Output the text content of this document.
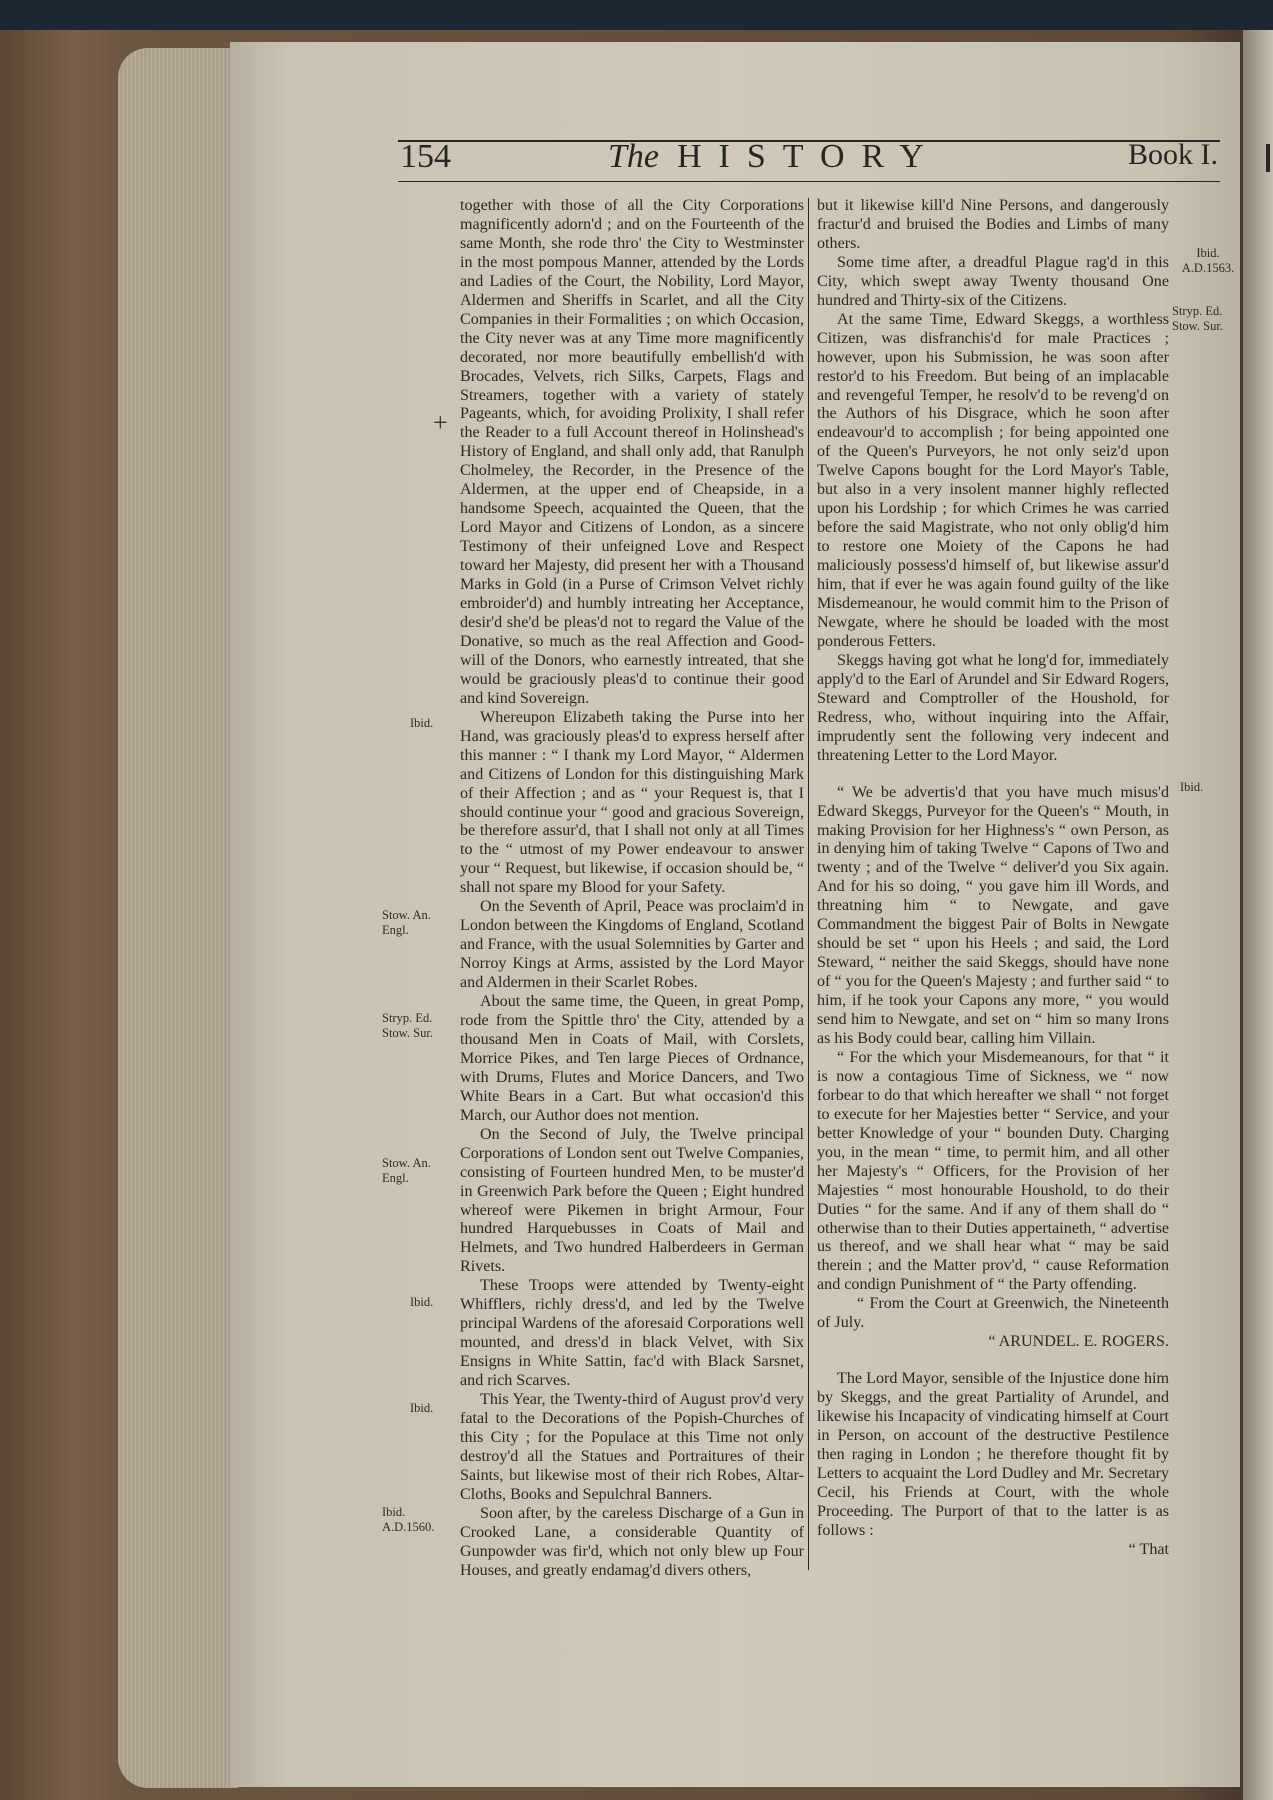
154	The HISTORY	Book I.
+

together with those of all the City Corporations magnificently adorn'd ; and on the Fourteenth of the same Month, she rode thro' the City to Westminster in the most pompous Manner, attended by the Lords and Ladies of the Court, the Nobility, Lord Mayor, Aldermen and Sheriffs in Scarlet, and all the City Companies in their Formalities ; on which Occasion, the City never was at any Time more magnificently decorated, nor more beautifully embellish'd with Brocades, Velvets, rich Silks, Carpets, Flags and Streamers, together with a variety of stately Pageants, which, for avoiding Prolixity, I shall refer the Reader to a full Account thereof in Holinshead's History of England, and shall only add, that Ranulph Cholmeley, the Recorder, in the Presence of the Aldermen, at the upper end of Cheapside, in a handsome Speech, acquainted the Queen, that the Lord Mayor and Citizens of London, as a sincere Testimony of their unfeigned Love and Respect toward her Majesty, did present her with a Thousand Marks in Gold (in a Purse of Crimson Velvet richly embroider'd) and humbly intreating her Acceptance, desir'd she'd be pleas'd not to regard the Value of the Donative, so much as the real Affection and Good-will of the Donors, who earnestly intreated, that she would be graciously pleas'd to continue their good and kind Sovereign.

Whereupon Elizabeth taking the Purse into her Hand, was graciously pleas'd to express herself after this manner : “ I thank my Lord Mayor, “ Aldermen and Citizens of London for this distinguishing Mark of their Affection ; and as “ your Request is, that I should continue your “ good and gracious Sovereign, be therefore assur'd, that I shall not only at all Times to the “ utmost of my Power endeavour to answer your “ Request, but likewise, if occasion should be, “ shall not spare my Blood for your Safety.

On the Seventh of April, Peace was proclaim'd in London between the Kingdoms of England, Scotland and France, with the usual Solemnities by Garter and Norroy Kings at Arms, assisted by the Lord Mayor and Aldermen in their Scarlet Robes.

About the same time, the Queen, in great Pomp, rode from the Spittle thro' the City, attended by a thousand Men in Coats of Mail, with Corslets, Morrice Pikes, and Ten large Pieces of Ordnance, with Drums, Flutes and Morice Dancers, and Two White Bears in a Cart. But what occasion'd this March, our Author does not mention.

On the Second of July, the Twelve principal Corporations of London sent out Twelve Companies, consisting of Fourteen hundred Men, to be muster'd in Greenwich Park before the Queen ; Eight hundred whereof were Pikemen in bright Armour, Four hundred Harquebusses in Coats of Mail and Helmets, and Two hundred Halberdeers in German Rivets.

These Troops were attended by Twenty-eight Whifflers, richly dress'd, and led by the Twelve principal Wardens of the aforesaid Corporations well mounted, and dress'd in black Velvet, with Six Ensigns in White Sattin, fac'd with Black Sarsnet, and rich Scarves.

This Year, the Twenty-third of August prov'd very fatal to the Decorations of the Popish-Churches of this City ; for the Populace at this Time not only destroy'd all the Statues and Portraitures of their Saints, but likewise most of their rich Robes, Altar-Cloths, Books and Sepulchral Banners.

Soon after, by the careless Discharge of a Gun in Crooked Lane, a considerable Quantity of Gunpowder was fir'd, which not only blew up Four Houses, and greatly endamag'd divers others,

but it likewise kill'd Nine Persons, and dangerously fractur'd and bruised the Bodies and Limbs of many others.

Some time after, a dreadful Plague rag'd in this City, which swept away Twenty thousand One hundred and Thirty-six of the Citizens.

At the same Time, Edward Skeggs, a worthless Citizen, was disfranchis'd for male Practices ; however, upon his Submission, he was soon after restor'd to his Freedom. But being of an implacable and revengeful Temper, he resolv'd to be reveng'd on the Authors of his Disgrace, which he soon after endeavour'd to accomplish ; for being appointed one of the Queen's Purveyors, he not only seiz'd upon Twelve Capons bought for the Lord Mayor's Table, but also in a very insolent manner highly reflected upon his Lordship ; for which Crimes he was carried before the said Magistrate, who not only oblig'd him to restore one Moiety of the Capons he had maliciously possess'd himself of, but likewise assur'd him, that if ever he was again found guilty of the like Misdemeanour, he would commit him to the Prison of Newgate, where he should be loaded with the most ponderous Fetters.

Skeggs having got what he long'd for, immediately apply'd to the Earl of Arundel and Sir Edward Rogers, Steward and Comptroller of the Houshold, for Redress, who, without inquiring into the Affair, imprudently sent the following very indecent and threatening Letter to the Lord Mayor.

“ We be advertis'd that you have much misus'd Edward Skeggs, Purveyor for the Queen's “ Mouth, in making Provision for her Highness's “ own Person, as in denying him of taking Twelve “ Capons of Two and twenty ; and of the Twelve “ deliver'd you Six again. And for his so doing, “ you gave him ill Words, and threatning him “ to Newgate, and gave Commandment the biggest Pair of Bolts in Newgate should be set “ upon his Heels ; and said, the Lord Steward, “ neither the said Skeggs, should have none of “ you for the Queen's Majesty ; and further said “ to him, if he took your Capons any more, “ you would send him to Newgate, and set on “ him so many Irons as his Body could bear, calling him Villain.

“ For the which your Misdemeanours, for that “ it is now a contagious Time of Sickness, we “ now forbear to do that which hereafter we shall “ not forget to execute for her Majesties better “ Service, and your better Knowledge of your “ bounden Duty. Charging you, in the mean “ time, to permit him, and all other her Majesty's “ Officers, for the Provision of her Majesties “ most honourable Houshold, to do their Duties “ for the same. And if any of them shall do “ otherwise than to their Duties appertaineth, “ advertise us thereof, and we shall hear what “ may be said therein ; and the Matter prov'd, “ cause Reformation and condign Punishment of “ the Party offending.

“ From the Court at Greenwich, the Nineteenth of July.

“ ARUNDEL. E. ROGERS.

The Lord Mayor, sensible of the Injustice done him by Skeggs, and the great Partiality of Arundel, and likewise his Incapacity of vindicating himself at Court in Person, on account of the destructive Pestilence then raging in London ; he therefore thought fit by Letters to acquaint the Lord Dudley and Mr. Secretary Cecil, his Friends at Court, with the whole Proceeding. The Purport of that to the latter is as follows :

“ That

Ibid.
Stow. An. Engl.
Stryp. Ed. Stow. Sur.
Stow. An. Engl.
Ibid.
Ibid.
Ibid. A.D.1560.
Ibid. A.D.1563.
Stryp. Ed. Stow. Sur.
Ibid.
